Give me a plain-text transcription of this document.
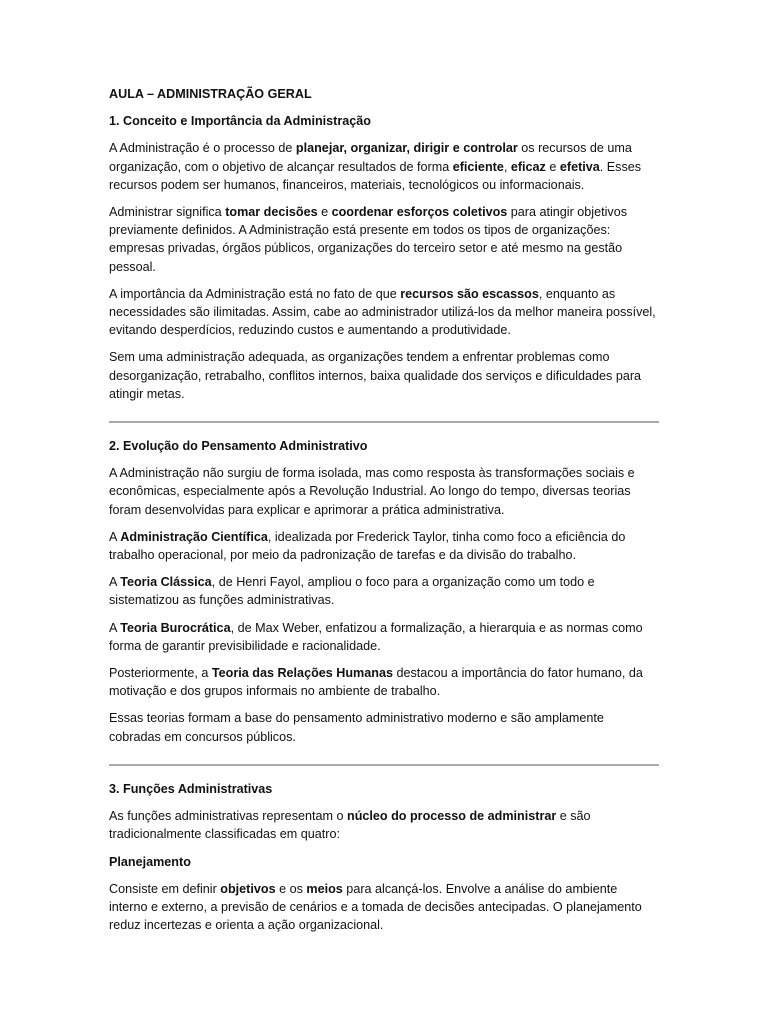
AULA – ADMINISTRAÇÃO GERAL
1. Conceito e Importância da Administração

A Administração é o processo de planejar, organizar, dirigir e controlar os recursos de uma organização, com o objetivo de alcançar resultados de forma eficiente, eficaz e efetiva. Esses recursos podem ser humanos, financeiros, materiais, tecnológicos ou informacionais.

Administrar significa tomar decisões e coordenar esforços coletivos para atingir objetivos previamente definidos. A Administração está presente em todos os tipos de organizações: empresas privadas, órgãos públicos, organizações do terceiro setor e até mesmo na gestão pessoal.

A importância da Administração está no fato de que recursos são escassos, enquanto as necessidades são ilimitadas. Assim, cabe ao administrador utilizá-los da melhor maneira possível, evitando desperdícios, reduzindo custos e aumentando a produtividade.

Sem uma administração adequada, as organizações tendem a enfrentar problemas como desorganização, retrabalho, conflitos internos, baixa qualidade dos serviços e dificuldades para atingir metas.

2. Evolução do Pensamento Administrativo

A Administração não surgiu de forma isolada, mas como resposta às transformações sociais e econômicas, especialmente após a Revolução Industrial. Ao longo do tempo, diversas teorias foram desenvolvidas para explicar e aprimorar a prática administrativa.

A Administração Científica, idealizada por Frederick Taylor, tinha como foco a eficiência do trabalho operacional, por meio da padronização de tarefas e da divisão do trabalho.

A Teoria Clássica, de Henri Fayol, ampliou o foco para a organização como um todo e sistematizou as funções administrativas.

A Teoria Burocrática, de Max Weber, enfatizou a formalização, a hierarquia e as normas como forma de garantir previsibilidade e racionalidade.

Posteriormente, a Teoria das Relações Humanas destacou a importância do fator humano, da motivação e dos grupos informais no ambiente de trabalho.

Essas teorias formam a base do pensamento administrativo moderno e são amplamente cobradas em concursos públicos.

3. Funções Administrativas

As funções administrativas representam o núcleo do processo de administrar e são tradicionalmente classificadas em quatro:

Planejamento

Consiste em definir objetivos e os meios para alcançá-los. Envolve a análise do ambiente interno e externo, a previsão de cenários e a tomada de decisões antecipadas. O planejamento reduz incertezas e orienta a ação organizacional.
